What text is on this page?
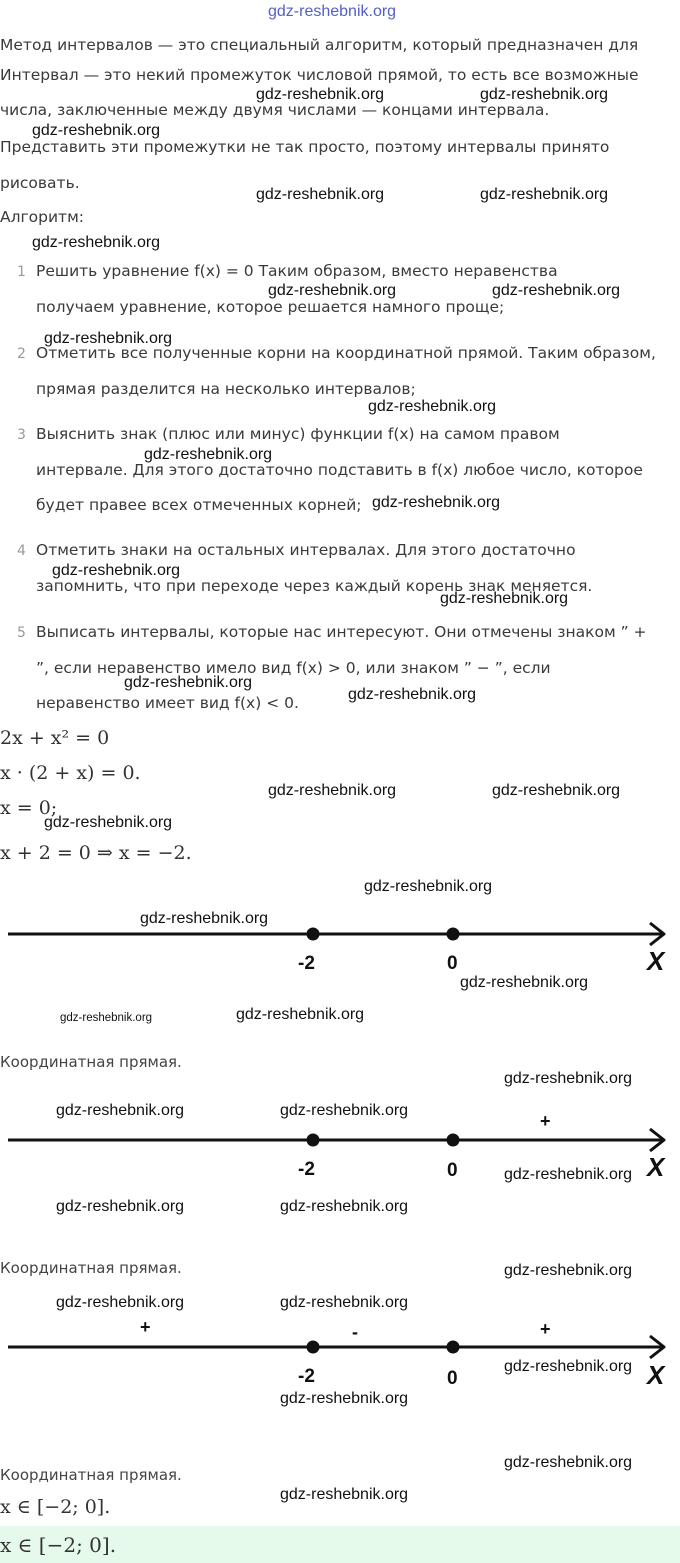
gdz-reshebnik.org
Метод интервалов — это специальный алгоритм, который предназначен для
Интервал — это некий промежуток числовой прямой, то есть все возможные
числа, заключенные между двумя числами — концами интервала.
Представить эти промежутки не так просто, поэтому интервалы принято
рисовать.
Алгоритм:
1 Решить уравнение f(x) = 0 Таким образом, вместо неравенства
получаем уравнение, которое решается намного проще;
2 Отметить все полученные корни на координатной прямой. Таким образом,
прямая разделится на несколько интервалов;
3 Выяснить знак (плюс или минус) функции f(x) на самом правом
интервале. Для этого достаточно подставить в f(x) любое число, которое
будет правее всех отмеченных корней;
4 Отметить знаки на остальных интервалах. Для этого достаточно
запомнить, что при переходе через каждый корень знак меняется.
5 Выписать интервалы, которые нас интересуют. Они отмечены знаком ” +
”, если неравенство имело вид f(x) > 0, или знаком ” − ”, если
неравенство имеет вид f(x) < 0.
2x + x² = 0
x · (2 + x) = 0.
x = 0;
x + 2 = 0 ⇒ x = −2.
-2	0	X
Координатная прямая.
+
-2	0	X
Координатная прямая.
+	-	+
-2	0	X
Координатная прямая.
x ∈ [−2; 0].
x ∈ [−2; 0].
gdz-reshebnik.org	gdz-reshebnik.org
gdz-reshebnik.org
gdz-reshebnik.org	gdz-reshebnik.org
gdz-reshebnik.org
gdz-reshebnik.org	gdz-reshebnik.org
gdz-reshebnik.org
gdz-reshebnik.org
gdz-reshebnik.org
gdz-reshebnik.org
gdz-reshebnik.org
gdz-reshebnik.org
gdz-reshebnik.org
gdz-reshebnik.org
gdz-reshebnik.org	gdz-reshebnik.org
gdz-reshebnik.org
gdz-reshebnik.org
gdz-reshebnik.org
gdz-reshebnik.org
gdz-reshebnik.org	gdz-reshebnik.org
gdz-reshebnik.org
gdz-reshebnik.org	gdz-reshebnik.org
gdz-reshebnik.org
gdz-reshebnik.org	gdz-reshebnik.org
gdz-reshebnik.org
gdz-reshebnik.org	gdz-reshebnik.org
gdz-reshebnik.org
gdz-reshebnik.org
gdz-reshebnik.org
gdz-reshebnik.org
